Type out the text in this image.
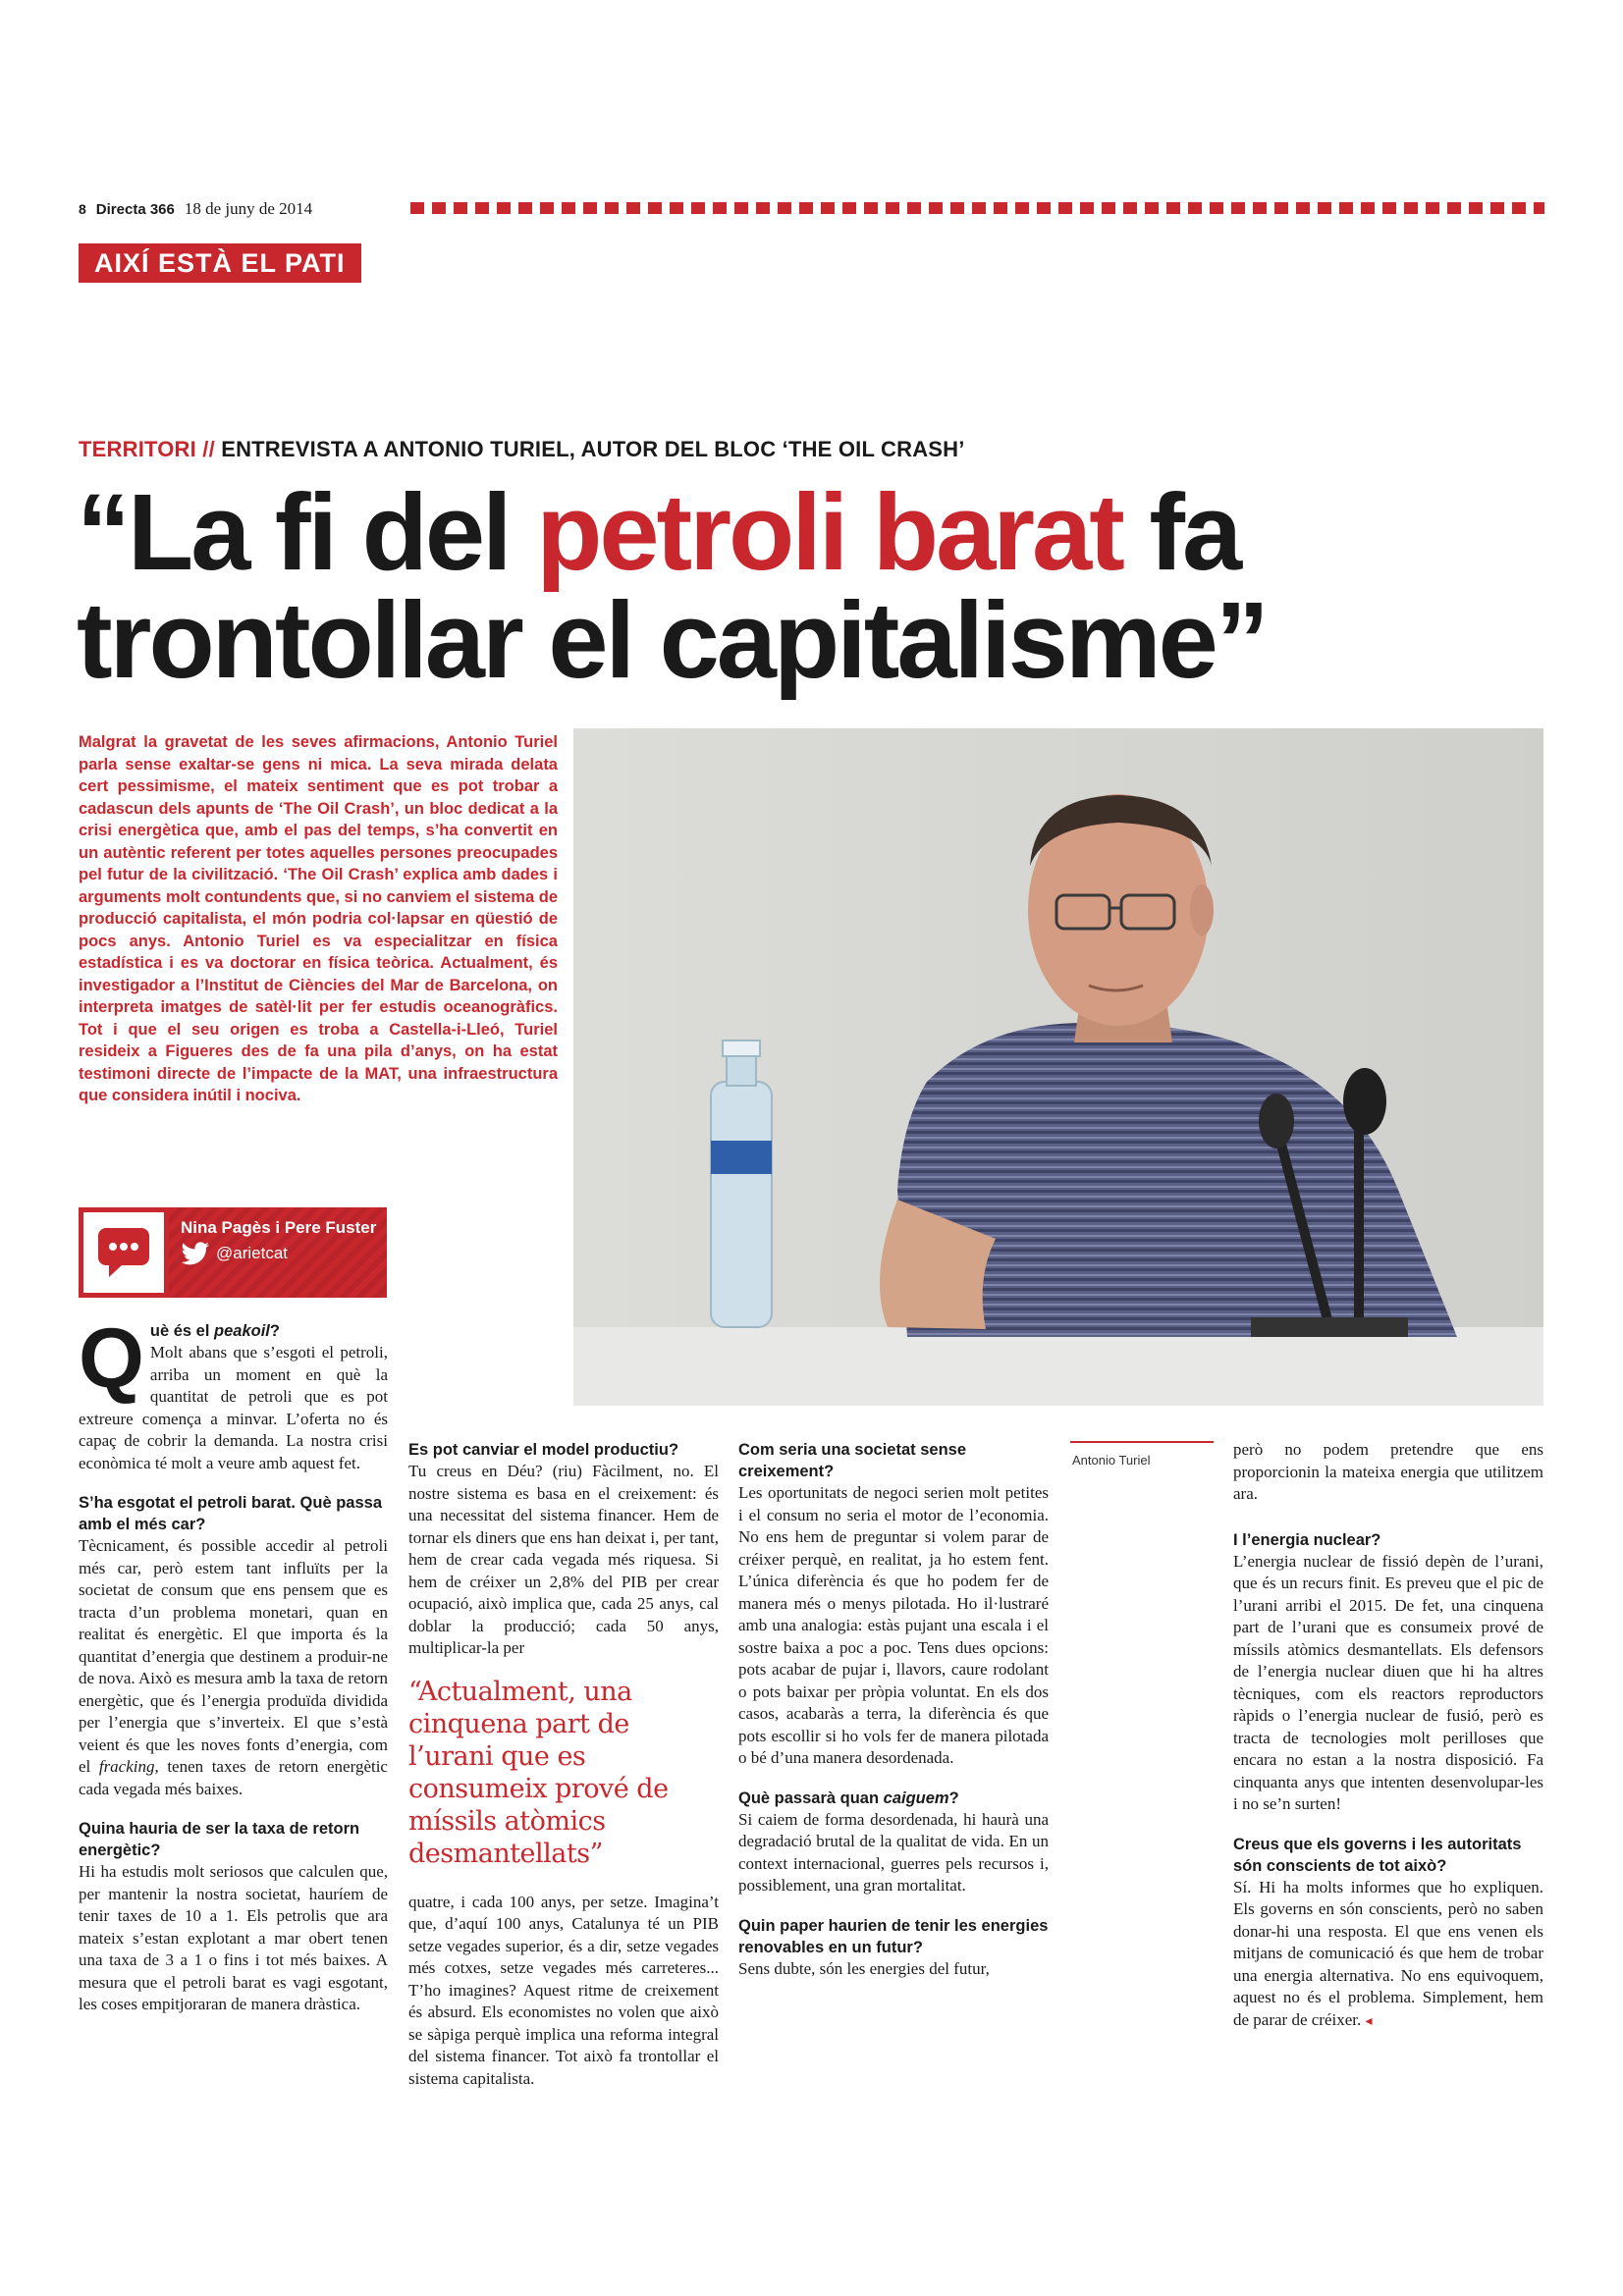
8 Directa 366 18 de juny de 2014
AIXÍ ESTÀ EL PATI
TERRITORI // ENTREVISTA A ANTONIO TURIEL, AUTOR DEL BLOC ‘THE OIL CRASH’
“La fi del petroli barat fa trontollar el capitalisme”

Malgrat la gravetat de les seves afirmacions, Antonio Turiel parla sense exaltar-se gens ni mica. La seva mirada delata cert pessimisme, el mateix sentiment que es pot trobar a cadascun dels apunts de ‘The Oil Crash’, un bloc dedicat a la crisi energètica que, amb el pas del temps, s’ha convertit en un autèntic referent per totes aquelles persones preocupades pel futur de la civilització. ‘The Oil Crash’ explica amb dades i arguments molt contundents que, si no canviem el sistema de producció capitalista, el món podria col·lapsar en qüestió de pocs anys. Antonio Turiel es va especialitzar en física estadística i es va doctorar en física teòrica. Actualment, és investigador a l’Institut de Ciències del Mar de Barcelona, on interpreta imatges de satèl·lit per fer estudis oceanogràfics. Tot i que el seu origen es troba a Castella-i-Lleó, Turiel resideix a Figueres des de fa una pila d’anys, on ha estat testimoni directe de l’impacte de la MAT, una infraestructura que considera inútil i nociva.

Nina Pagès i Pere Fuster
@arietcat
Antonio Turiel

Què és el peakoil?

Molt abans que s’esgoti el petroli, arriba un moment en què la quantitat de petroli que es pot extreure comença a minvar. L’oferta no és capaç de cobrir la demanda. La nostra crisi econòmica té molt a veure amb aquest fet.

S’ha esgotat el petroli barat. Què passa amb el més car?

Tècnicament, és possible accedir al petroli més car, però estem tant influïts per la societat de consum que ens pensem que es tracta d’un problema monetari, quan en realitat és energètic. El que importa és la quantitat d’energia que destinem a produir-ne de nova. Això es mesura amb la taxa de retorn energètic, que és l’energia produïda dividida per l’energia que s’inverteix. El que s’està veient és que les noves fonts d’energia, com el fracking, tenen taxes de retorn energètic cada vegada més baixes.

Quina hauria de ser la taxa de retorn energètic?

Hi ha estudis molt seriosos que calculen que, per mantenir la nostra societat, hauríem de tenir taxes de 10 a 1. Els petrolis que ara mateix s’estan explotant a mar obert tenen una taxa de 3 a 1 o fins i tot més baixes. A mesura que el petroli barat es vagi esgotant, les coses empitjoraran de manera dràstica.

Es pot canviar el model productiu?

Tu creus en Déu? (riu) Fàcilment, no. El nostre sistema es basa en el creixement: és una necessitat del sistema financer. Hem de tornar els diners que ens han deixat i, per tant, hem de crear cada vegada més riquesa. Si hem de créixer un 2,8% del PIB per crear ocupació, això implica que, cada 25 anys, cal doblar la producció; cada 50 anys, multiplicar-la per

“Actualment, una cinquena part de l’urani que es consumeix prové de míssils atòmics desmantellats”

quatre, i cada 100 anys, per setze. Imagina’t que, d’aquí 100 anys, Catalunya té un PIB setze vegades superior, és a dir, setze vegades més cotxes, setze vegades més carreteres... T’ho imagines? Aquest ritme de creixement és absurd. Els economistes no volen que això se sàpiga perquè implica una reforma integral del sistema financer. Tot això fa trontollar el sistema capitalista.

Com seria una societat sense creixement?

Les oportunitats de negoci serien molt petites i el consum no seria el motor de l’economia. No ens hem de preguntar si volem parar de créixer perquè, en realitat, ja ho estem fent. L’única diferència és que ho podem fer de manera més o menys pilotada. Ho il·lustraré amb una analogia: estàs pujant una escala i el sostre baixa a poc a poc. Tens dues opcions: pots acabar de pujar i, llavors, caure rodolant o pots baixar per pròpia voluntat. En els dos casos, acabaràs a terra, la diferència és que pots escollir si ho vols fer de manera pilotada o bé d’una manera desordenada.

Què passarà quan caiguem?

Si caiem de forma desordenada, hi haurà una degradació brutal de la qualitat de vida. En un context internacional, guerres pels recursos i, possiblement, una gran mortalitat.

Quin paper haurien de tenir les energies renovables en un futur?

Sens dubte, són les energies del futur,

però no podem pretendre que ens proporcionin la mateixa energia que utilitzem ara.

I l’energia nuclear?

L’energia nuclear de fissió depèn de l’urani, que és un recurs finit. Es preveu que el pic de l’urani arribi el 2015. De fet, una cinquena part de l’urani que es consumeix prové de míssils atòmics desmantellats. Els defensors de l’energia nuclear diuen que hi ha altres tècniques, com els reactors reproductors ràpids o l’energia nuclear de fusió, però es tracta de tecnologies molt perilloses que encara no estan a la nostra disposició. Fa cinquanta anys que intenten desenvolupar-les i no se’n surten!

Creus que els governs i les autoritats són conscients de tot això?

Sí. Hi ha molts informes que ho expliquen. Els governs en són conscients, però no saben donar-hi una resposta. El que ens venen els mitjans de comunicació és que hem de trobar una energia alternativa. No ens equivoquem, aquest no és el problema. Simplement, hem de parar de créixer. ◂
